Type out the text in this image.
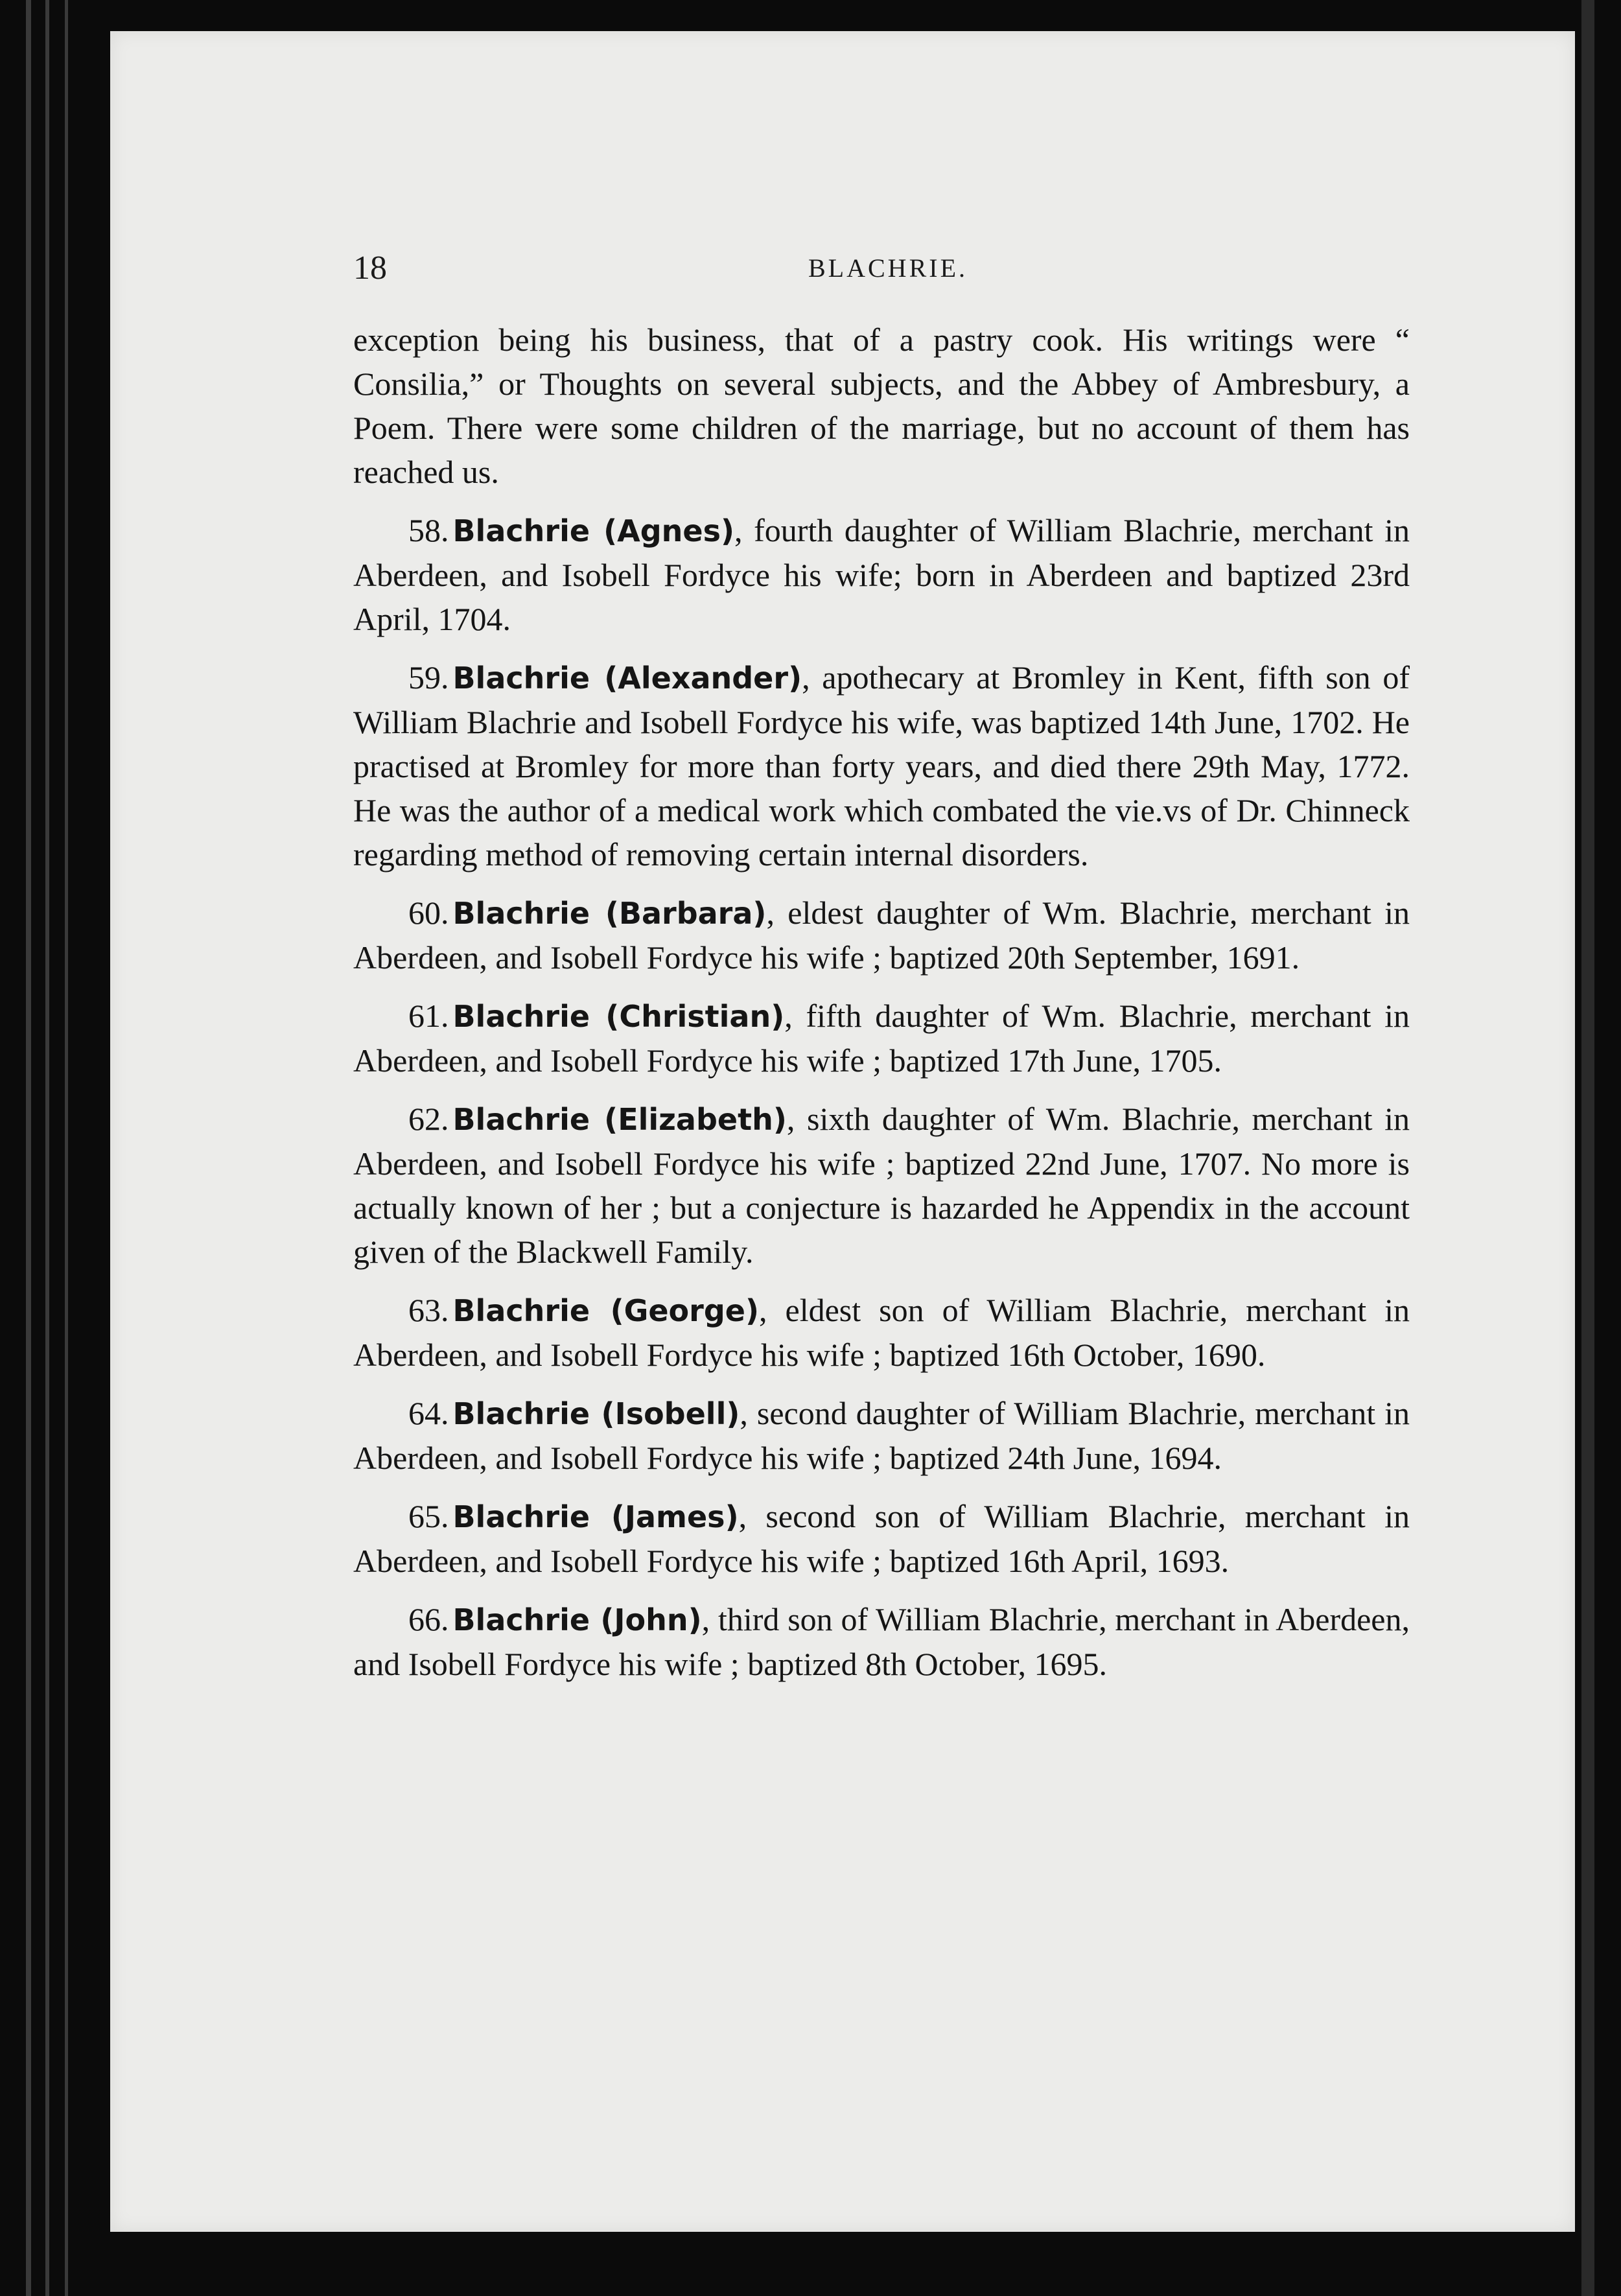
18	BLACHRIE.

exception being his business, that of a pastry cook. His writings were “ Consilia,” or Thoughts on several subjects, and the Abbey of Ambresbury, a Poem. There were some children of the marriage, but no account of them has reached us.

58. Blachrie (Agnes), fourth daughter of William Blachrie, merchant in Aberdeen, and Isobell Fordyce his wife; born in Aberdeen and baptized 23rd April, 1704.

59. Blachrie (Alexander), apothecary at Bromley in Kent, fifth son of William Blachrie and Isobell Fordyce his wife, was baptized 14th June, 1702. He practised at Bromley for more than forty years, and died there 29th May, 1772. He was the author of a medical work which combated the vie.vs of Dr. Chinneck regarding method of removing certain internal disorders.

60. Blachrie (Barbara), eldest daughter of Wm. Blachrie, merchant in Aberdeen, and Isobell Fordyce his wife ; baptized 20th September, 1691.

61. Blachrie (Christian), fifth daughter of Wm. Blachrie, merchant in Aberdeen, and Isobell Fordyce his wife ; baptized 17th June, 1705.

62. Blachrie (Elizabeth), sixth daughter of Wm. Blachrie, merchant in Aberdeen, and Isobell Fordyce his wife ; baptized 22nd June, 1707. No more is actually known of her ; but a conjecture is hazarded he Appendix in the account given of the Blackwell Family.

63. Blachrie (George), eldest son of William Blachrie, merchant in Aberdeen, and Isobell Fordyce his wife ; baptized 16th October, 1690.

64. Blachrie (Isobell), second daughter of William Blachrie, merchant in Aberdeen, and Isobell Fordyce his wife ; baptized 24th June, 1694.

65. Blachrie (James), second son of William Blachrie, merchant in Aberdeen, and Isobell Fordyce his wife ; baptized 16th April, 1693.

66. Blachrie (John), third son of William Blachrie, merchant in Aberdeen, and Isobell Fordyce his wife ; baptized 8th October, 1695.
